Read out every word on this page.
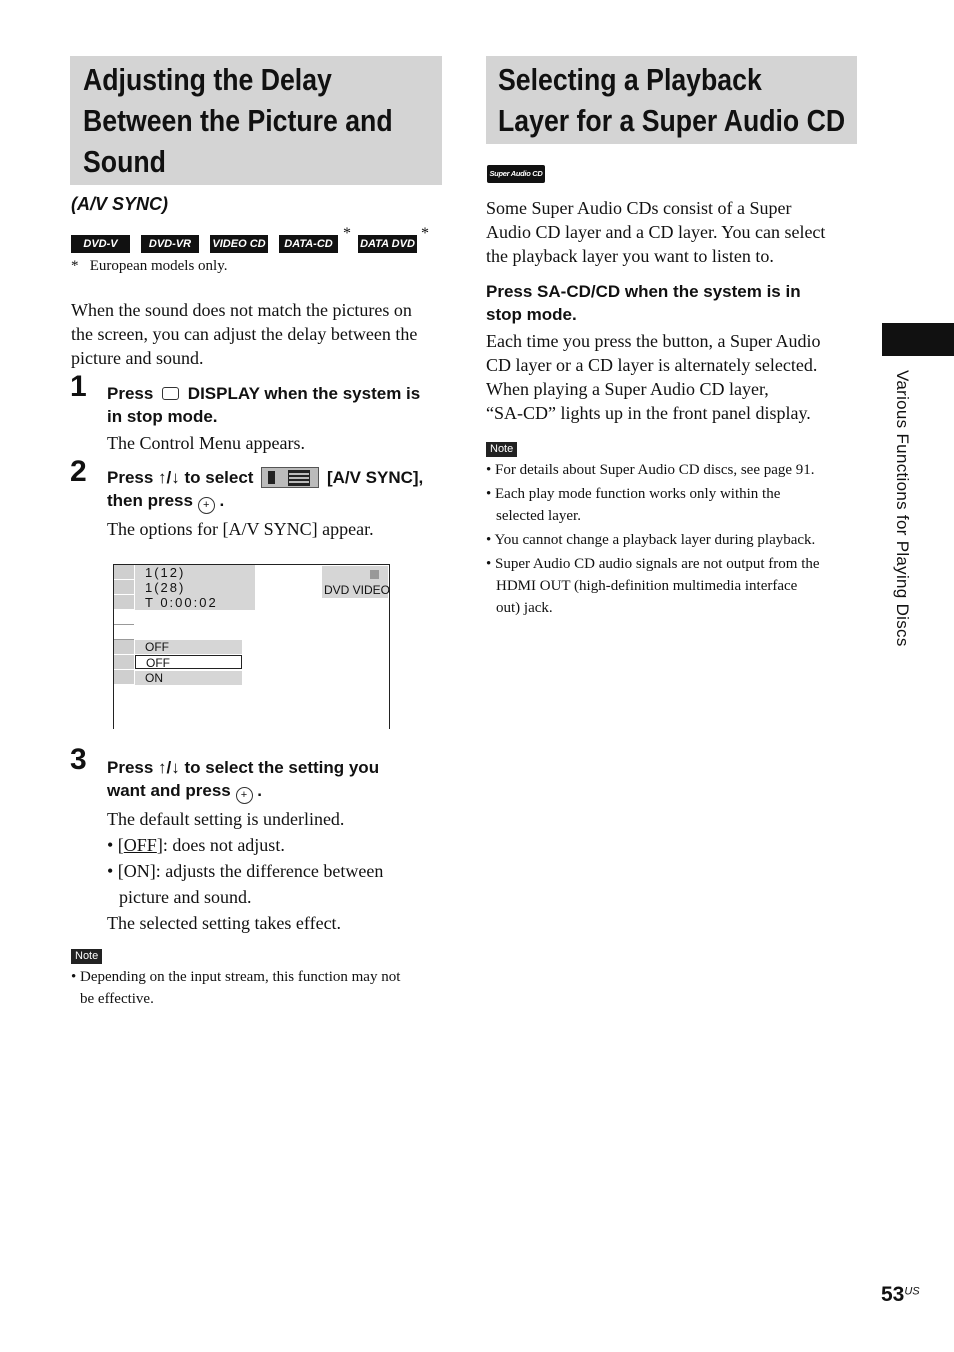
Adjusting the Delay
Between the Picture and
Sound
(A/V SYNC)
DVD-V	DVD-VR	VIDEO CD	DATA-CD
*
DATA DVD
*
*   European models only.
When the sound does not match the pictures on
the screen, you can adjust the delay between the
picture and sound.
1 Press DISPLAY when the system is
in stop mode.
The Control Menu appears.
2 Press ↑/↓ to select	[A/V SYNC],
then press + .
The options for [A/V SYNC] appear.
1(12)
1(28)
T 0:00:02
DVD VIDEO
OFF
OFF
ON
3 Press ↑/↓ to select the setting you
want and press + .
The default setting is underlined.
• [OFF]: does not adjust.
• [ON]: adjusts the difference between
picture and sound.
The selected setting takes effect.
Note
• Depending on the input stream, this function may not
be effective.
Selecting a Playback
Layer for a Super Audio CD
Super Audio CD
Some Super Audio CDs consist of a Super
Audio CD layer and a CD layer. You can select
the playback layer you want to listen to.
Press SA-CD/CD when the system is in
stop mode.
Each time you press the button, a Super Audio
CD layer or a CD layer is alternately selected.
When playing a Super Audio CD layer,
“SA-CD” lights up in the front panel display.
Note
• For details about Super Audio CD discs, see page 91.
• Each play mode function works only within the
selected layer.
• You cannot change a playback layer during playback.
• Super Audio CD audio signals are not output from the
HDMI OUT (high-definition multimedia interface
out) jack.	Various Functions for Playing Discs
$53^{US}$
